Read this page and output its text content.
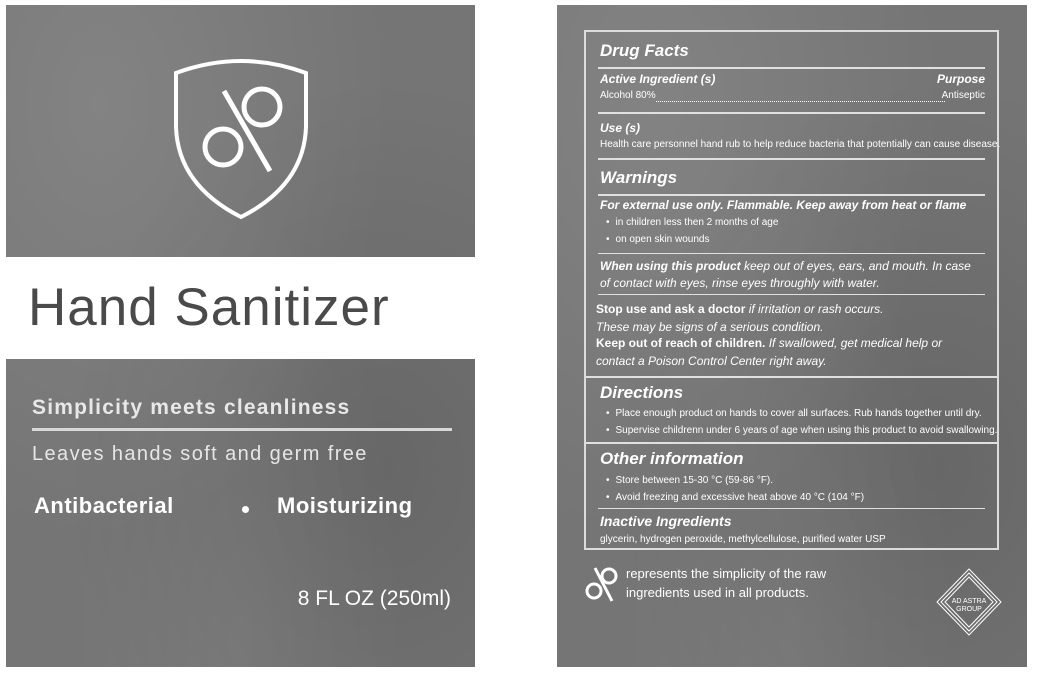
Hand Sanitizer
Simplicity meets cleanliness
Leaves hands soft and germ free
Antibacterial	Moisturizing
8 FL OZ (250ml)
Drug Facts
Active Ingredient (s)	Purpose
Alcohol 80%	Antiseptic
Use (s)
Health care personnel hand rub to help reduce bacteria that potentially can cause disease.
Warnings
For external use only. Flammable. Keep away from heat or flame
• in children less then 2 months of age
• on open skin wounds
When using this product keep out of eyes, ears, and mouth. In case
of contact with eyes, rinse eyes throughly with water.
Stop use and ask a doctor if irritation or rash occurs.
These may be signs of a serious condition.
Keep out of reach of children. If swallowed, get medical help or
contact a Poison Control Center right away.
Directions
• Place enough product on hands to cover all surfaces. Rub hands together until dry.
• Supervise childrenn under 6 years of age when using this product to avoid swallowing.
Other information
• Store between 15-30 °C (59-86 °F).
• Avoid freezing and excessive heat above 40 °C (104 °F)
Inactive Ingredients
glycerin, hydrogen peroxide, methylcellulose, purified water USP
represents the simplicity of the raw
ingredients used in all products.
AD ASTRA
GROUP
